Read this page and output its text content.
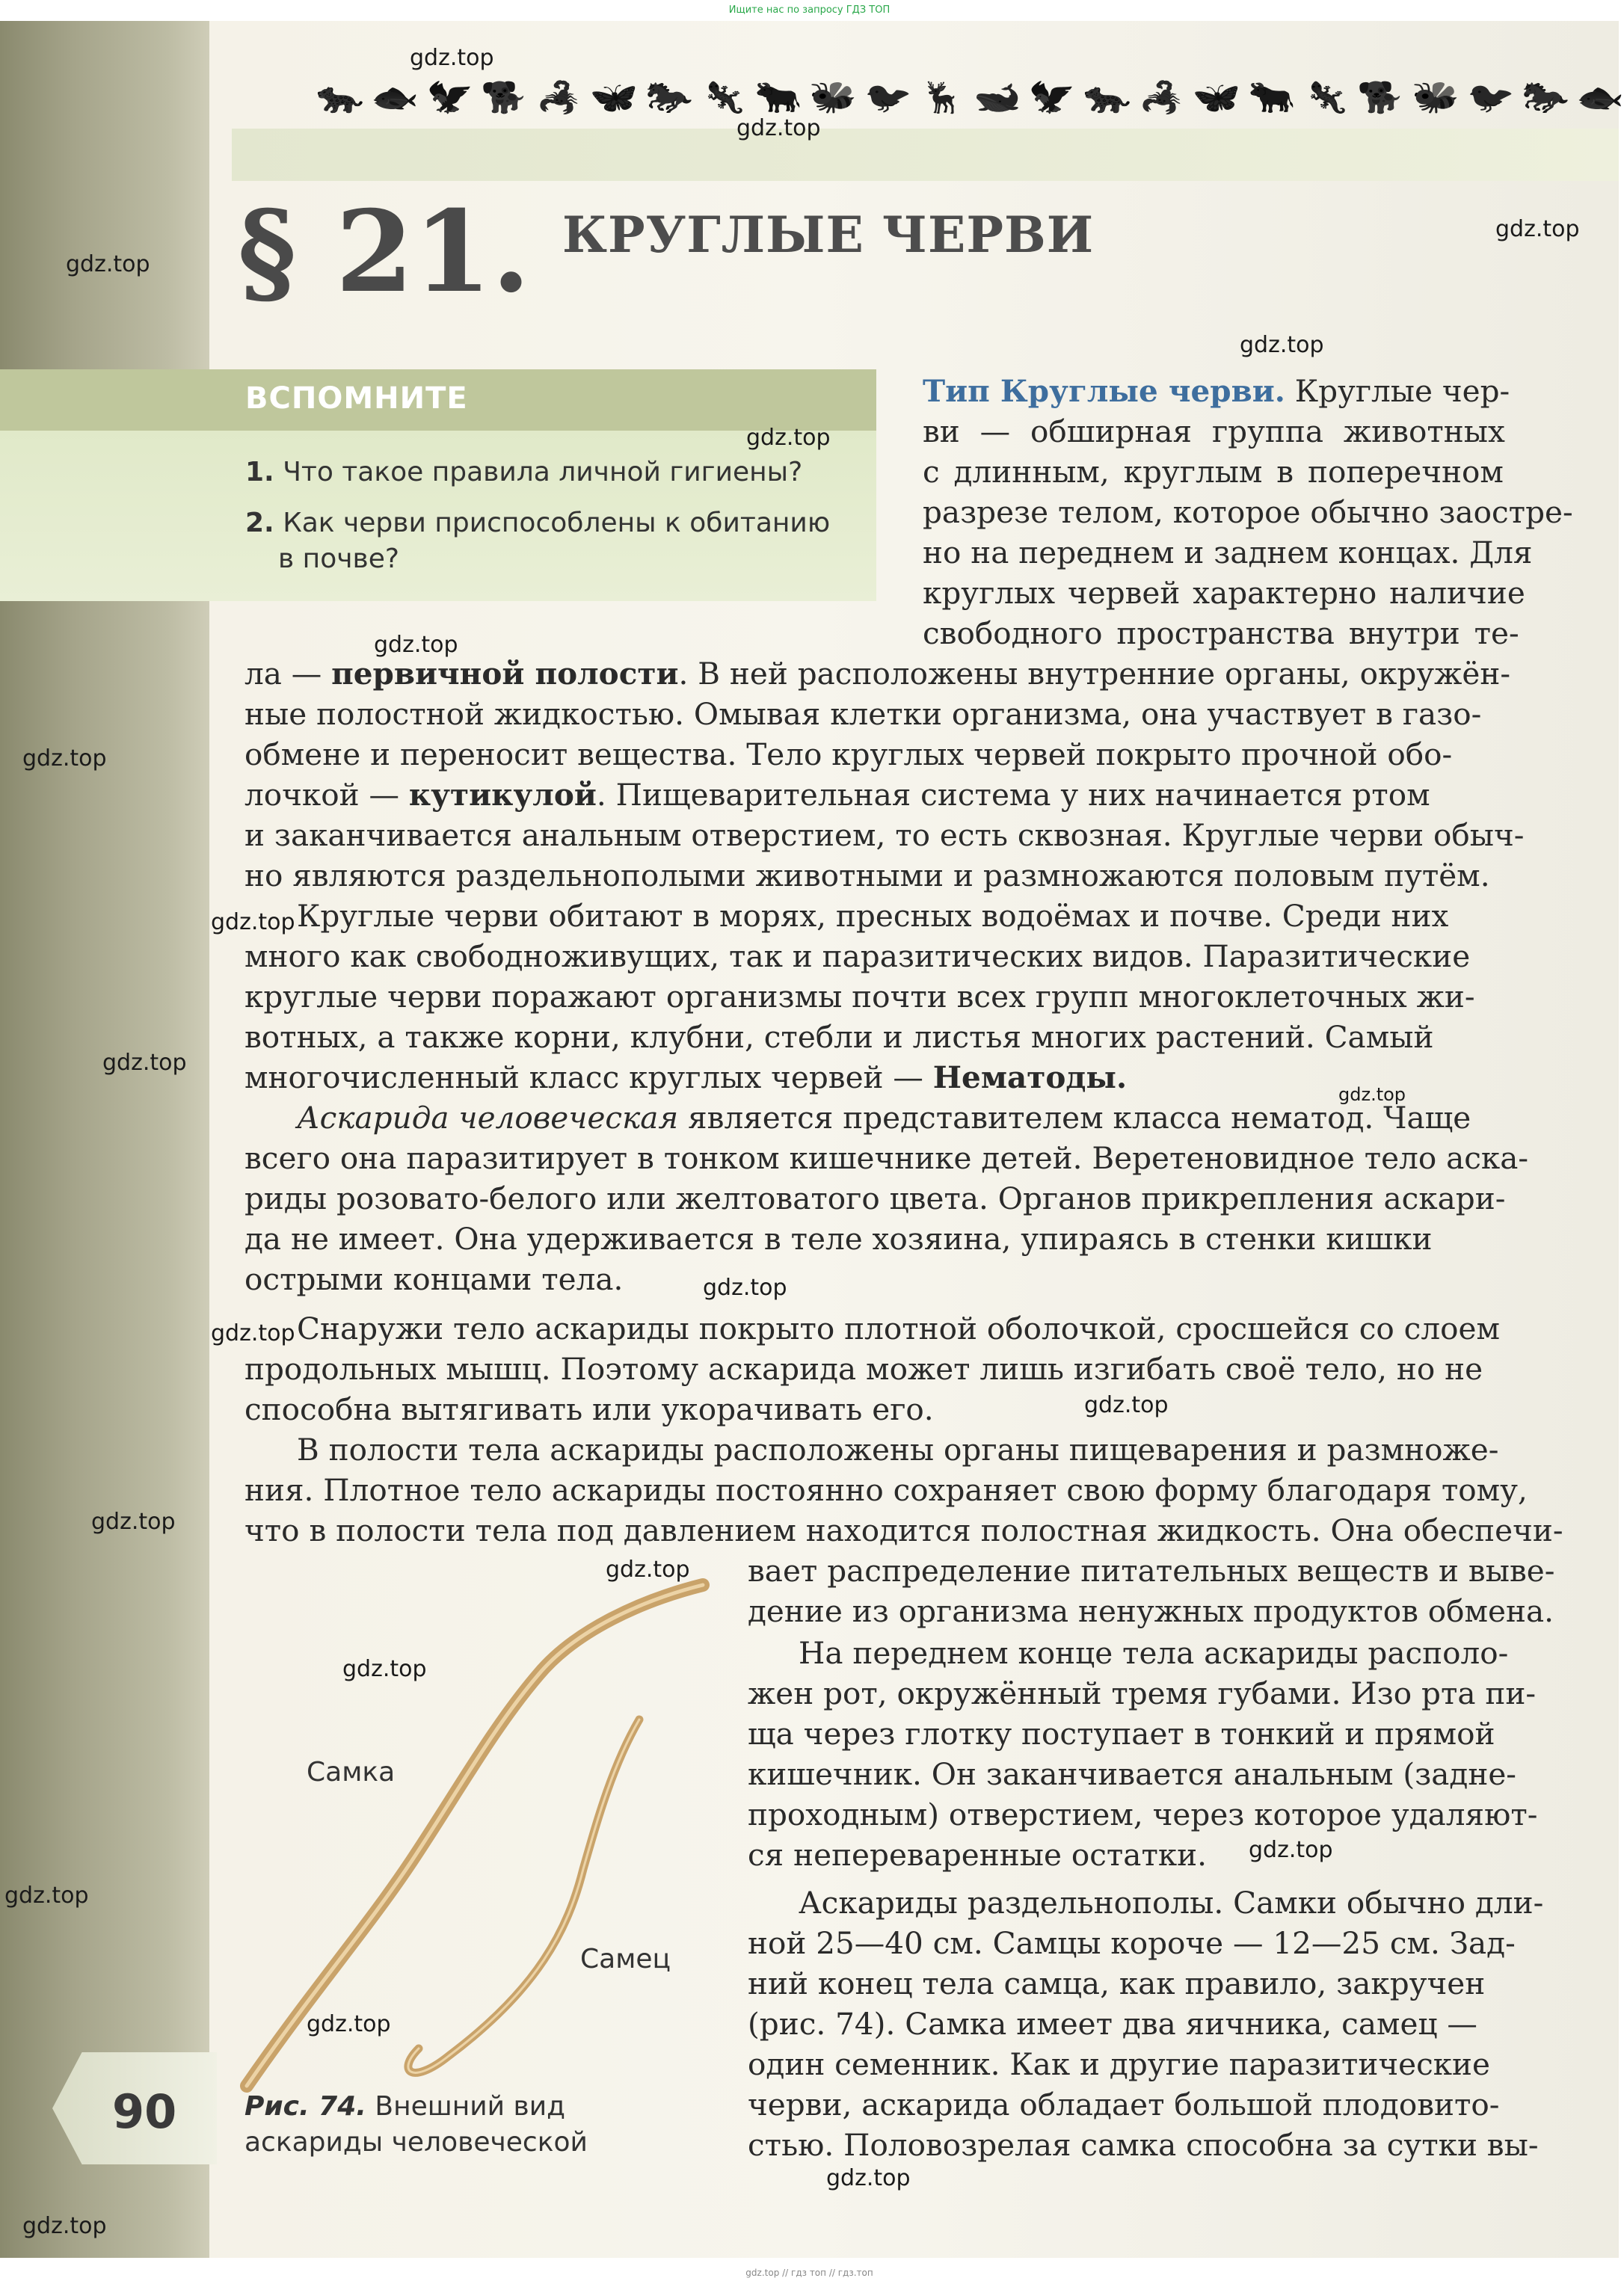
Ищите нас по запросу ГДЗ ТОП
🐆 🐟 🦅 🐕 🦂 🦋 🐎 🦎 🐂 🐝 🐦 🦌 🐋 🦅 🐆 🦂 🦋 🐂 🦎 🐕 🐝 🐦 🐎 🐟
§ 21. КРУГЛЫЕ ЧЕРВИ
ВСПОМНИТЕ
1. Что такое правила личной гигиены?
2. Как черви приспособлены к обитанию
в почве?
Тип Круглые черви. Круглые чер-
ви — обширная группа животных
с длинным, круглым в поперечном
разрезе телом, которое обычно заостре-
но на переднем и заднем концах. Для
круглых червей характерно наличие
свободного пространства внутри те-
ла — первичной полости. В ней расположены внутренние органы, окружён-
ные полостной жидкостью. Омывая клетки организма, она участвует в газо-
обмене и переносит вещества. Тело круглых червей покрыто прочной обо-
лочкой — кутикулой. Пищеварительная система у них начинается ртом
и заканчивается анальным отверстием, то есть сквозная. Круглые черви обыч-
но являются раздельнополыми животными и размножаются половым путём.
Круглые черви обитают в морях, пресных водоёмах и почве. Среди них
много как свободноживущих, так и паразитических видов. Паразитические
круглые черви поражают организмы почти всех групп многоклеточных жи-
вотных, а также корни, клубни, стебли и листья многих растений. Самый
многочисленный класс круглых червей — Нематоды.
Аскарида человеческая является представителем класса нематод. Чаще
всего она паразитирует в тонком кишечнике детей. Веретеновидное тело аска-
риды розовато-белого или желтоватого цвета. Органов прикрепления аскари-
да не имеет. Она удерживается в теле хозяина, упираясь в стенки кишки
острыми концами тела.
Снаружи тело аскариды покрыто плотной оболочкой, сросшейся со слоем
продольных мышц. Поэтому аскарида может лишь изгибать своё тело, но не
способна вытягивать или укорачивать его.
В полости тела аскариды расположены органы пищеварения и размноже-
ния. Плотное тело аскариды постоянно сохраняет свою форму благодаря тому,
что в полости тела под давлением находится полостная жидкость. Она обеспечи-
вает распределение питательных веществ и выве-
дение из организма ненужных продуктов обмена.
На переднем конце тела аскариды располо-
жен рот, окружённый тремя губами. Изо рта пи-
ща через глотку поступает в тонкий и прямой
кишечник. Он заканчивается анальным (задне-
проходным) отверстием, через которое удаляют-
ся непереваренные остатки.
Аскариды раздельнополы. Самки обычно дли-
ной 25—40 см. Самцы короче — 12—25 см. Зад-
ний конец тела самца, как правило, закручен
(рис. 74). Самка имеет два яичника, самец —
один семенник. Как и другие паразитические
черви, аскарида обладает большой плодовито-
стью. Половозрелая самка способна за сутки вы-
Самка
Самец
Рис. 74. Внешний вид
аскариды человеческой
90
gdz.top
gdz.top
gdz.top
gdz.top
gdz.top
gdz.top
gdz.top
gdz.top
gdz.top
gdz.top
gdz.top
gdz.top
gdz.top
gdz.top
gdz.top
gdz.top
gdz.top
gdz.top
gdz.top
gdz.top
gdz.top
gdz.top
gdz.top // гдз топ // гдз.топ
